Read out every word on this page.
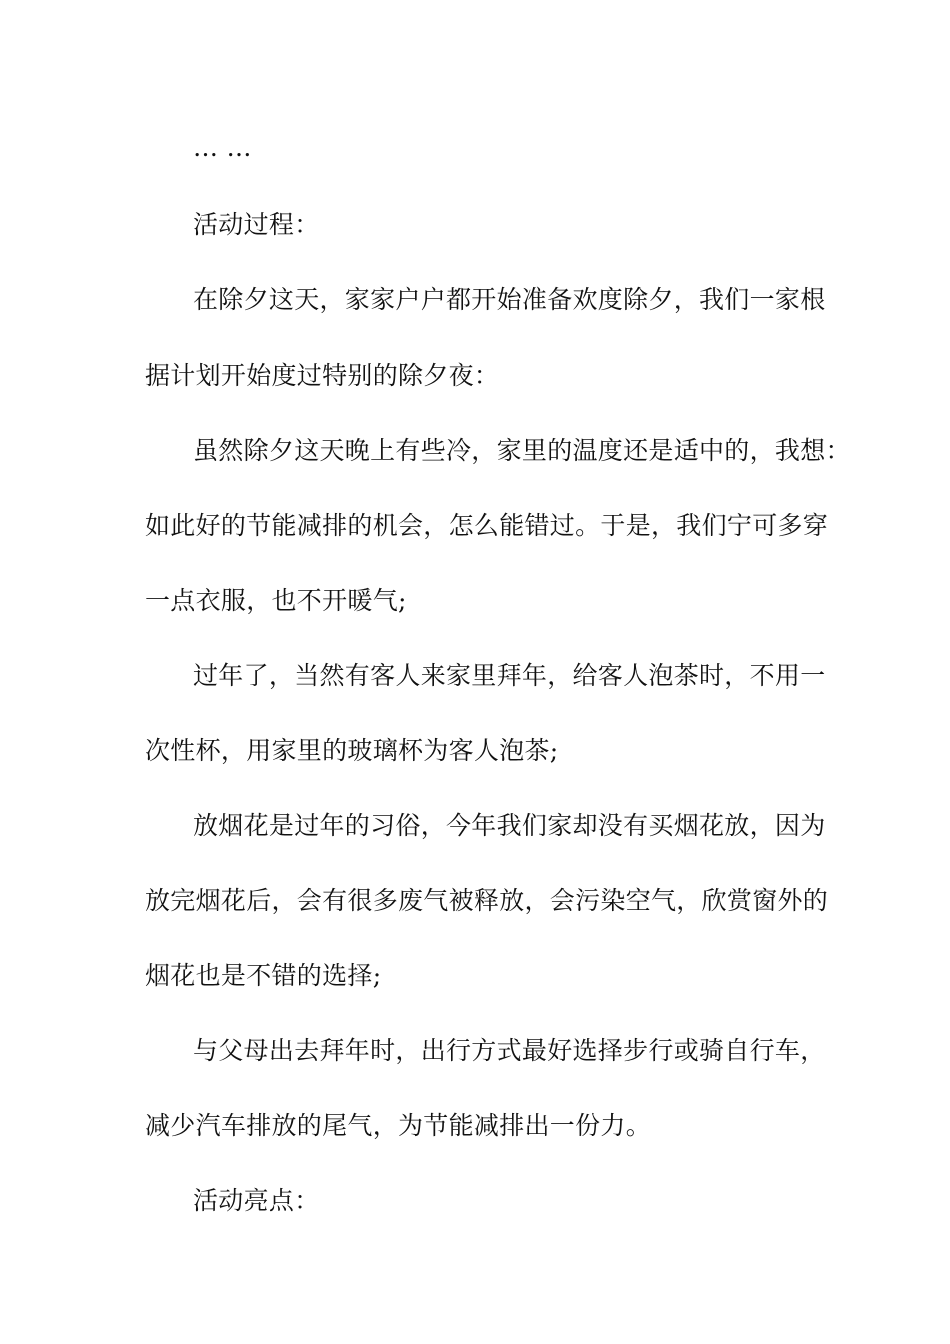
… …
活动过程：
在除夕这天，家家户户都开始准备欢度除夕，我们一家根
据计划开始度过特别的除夕夜：
虽然除夕这天晚上有些冷，家里的温度还是适中的，我想：
如此好的节能减排的机会，怎么能错过。于是，我们宁可多穿
一点衣服，也不开暖气;
过年了，当然有客人来家里拜年，给客人泡茶时，不用一
次性杯，用家里的玻璃杯为客人泡茶;
放烟花是过年的习俗，今年我们家却没有买烟花放，因为
放完烟花后，会有很多废气被释放，会污染空气，欣赏窗外的
烟花也是不错的选择;
与父母出去拜年时，出行方式最好选择步行或骑自行车，
减少汽车排放的尾气，为节能减排出一份力。
活动亮点：
